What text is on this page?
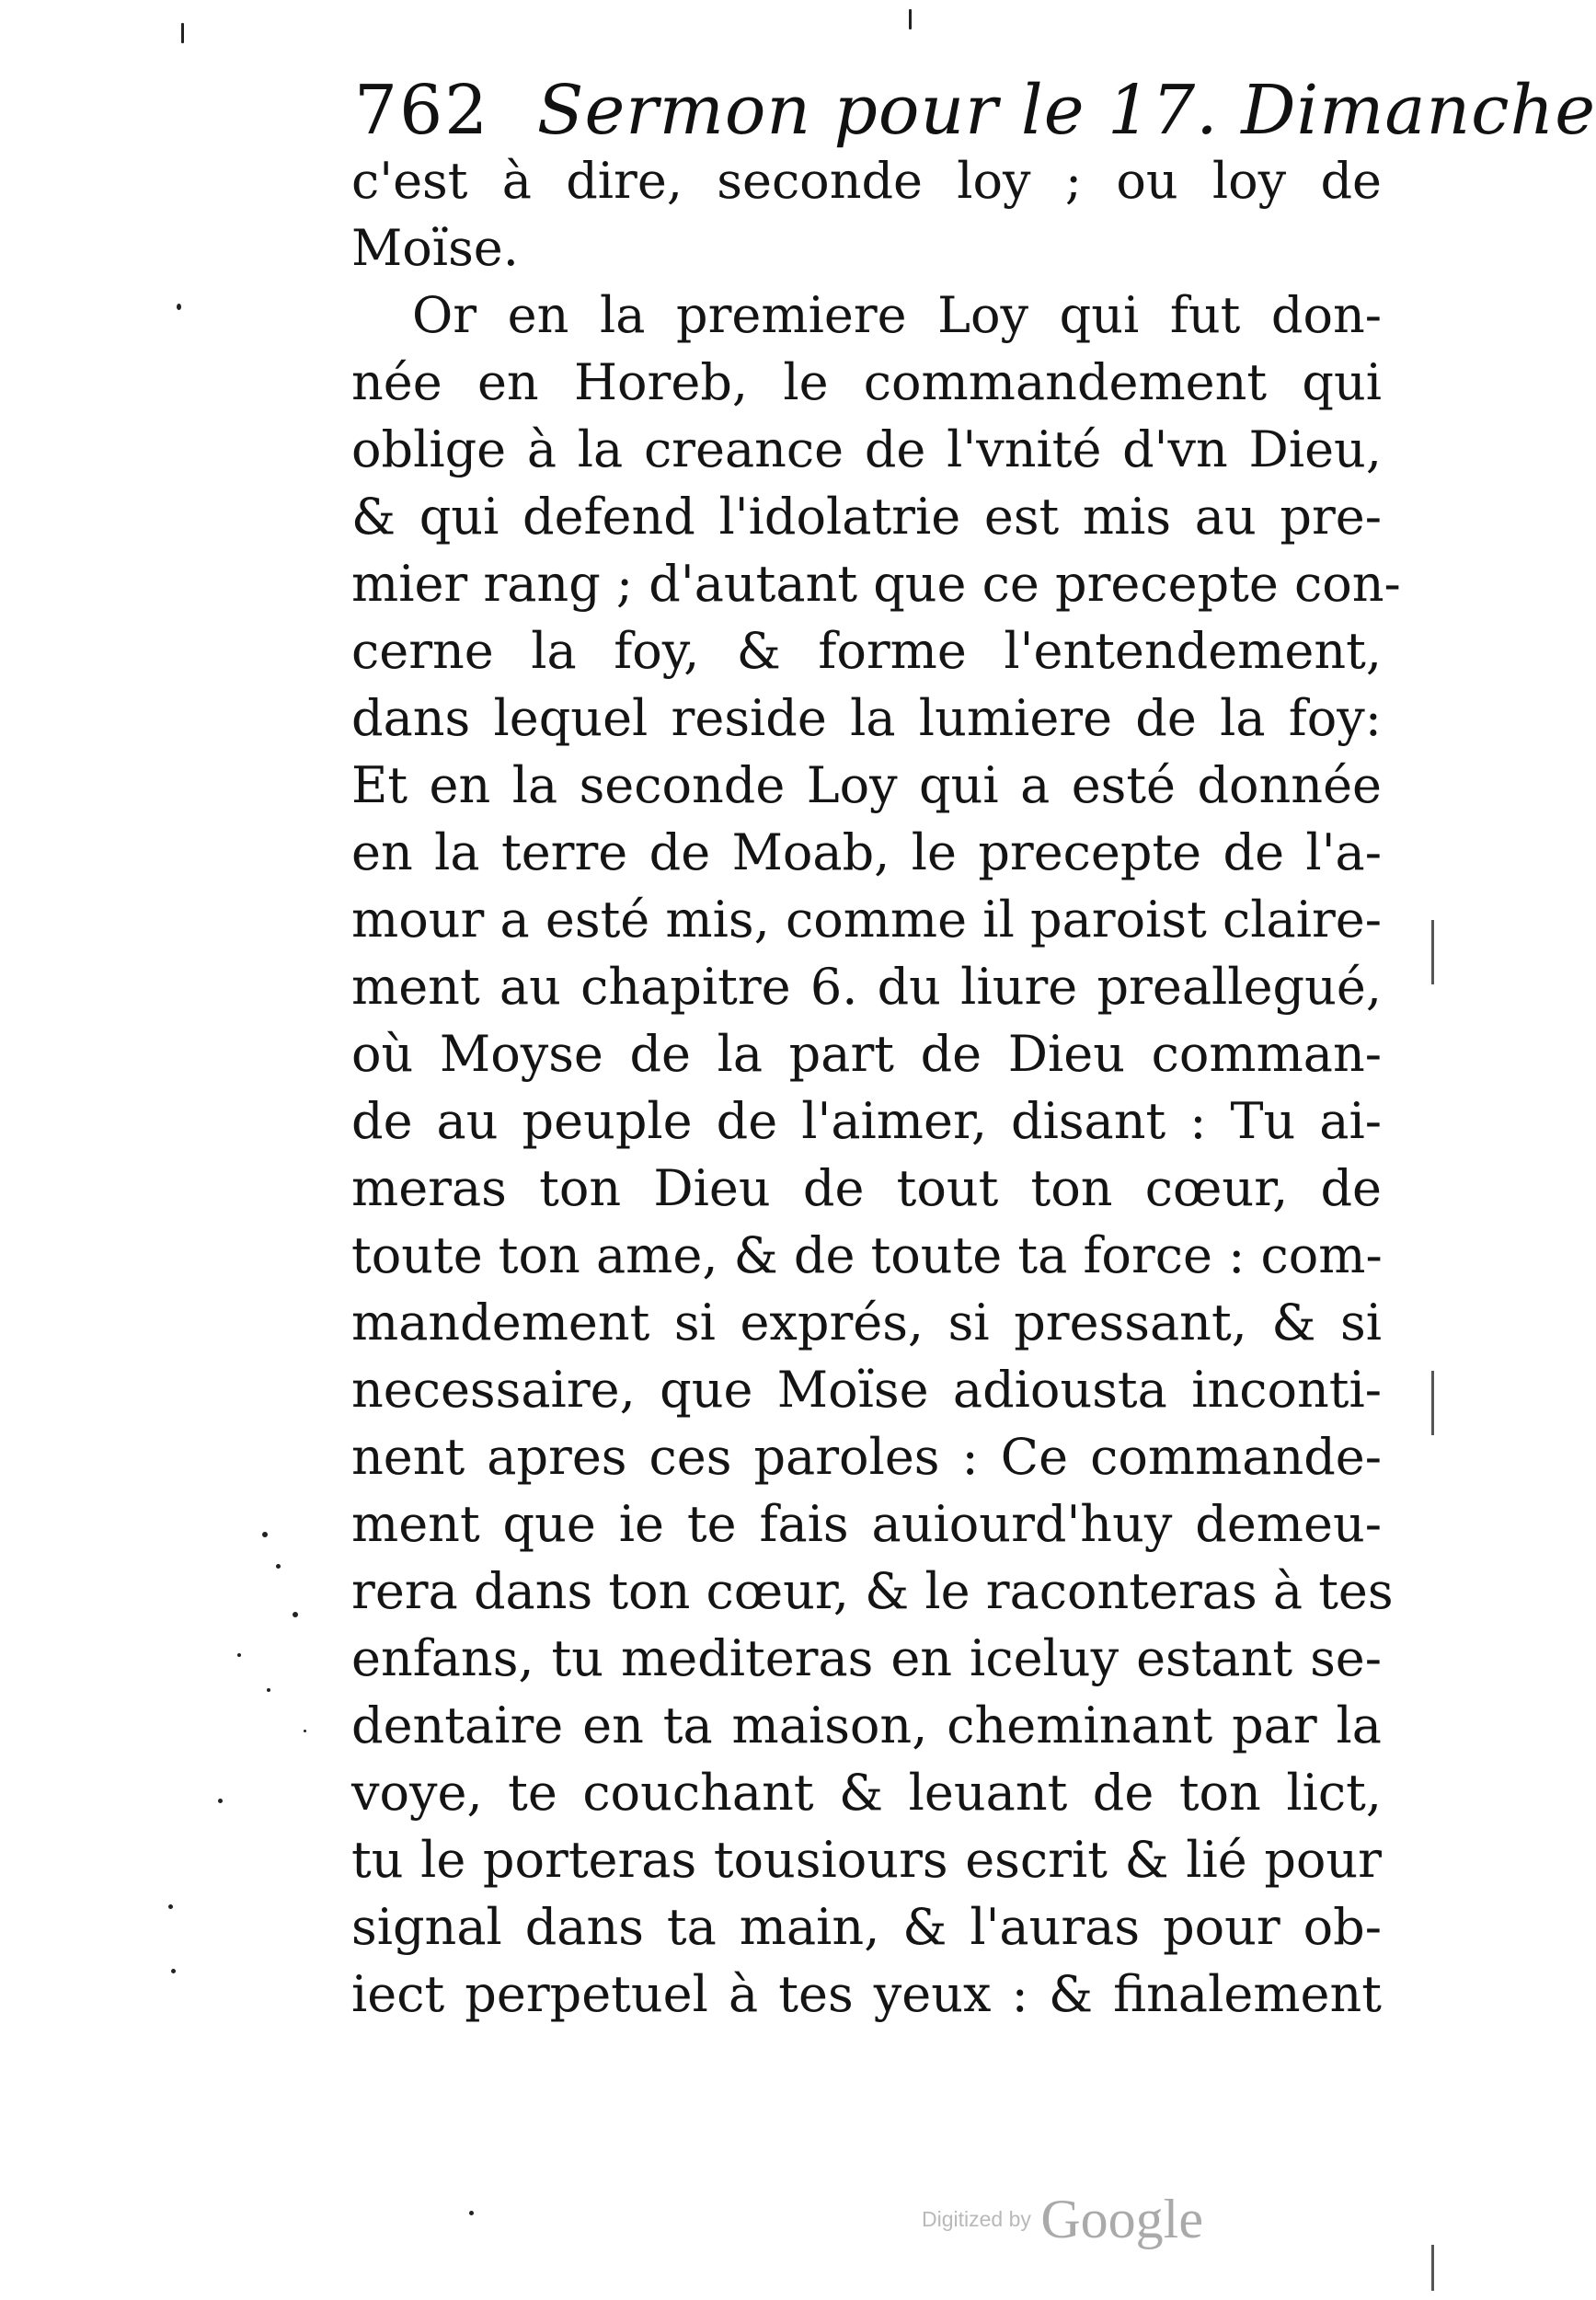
762 Sermon pour le 17. Dimanche
c'est à dire, seconde loy ; ou loy de
Moïse.
Or en la premiere Loy qui fut don-
née en Horeb, le commandement qui
oblige à la creance de l'vnité d'vn Dieu,
& qui defend l'idolatrie est mis au pre-
mier rang ; d'autant que ce precepte con-
cerne la foy, & forme l'entendement,
dans lequel reside la lumiere de la foy:
Et en la seconde Loy qui a esté donnée
en la terre de Moab, le precepte de l'a-
mour a esté mis, comme il paroist claire-
ment au chapitre 6. du liure preallegué,
où Moyse de la part de Dieu comman-
de au peuple de l'aimer, disant : Tu ai-
meras ton Dieu de tout ton cœur, de
toute ton ame, & de toute ta force : com-
mandement si exprés, si pressant, & si
necessaire, que Moïse adiousta inconti-
nent apres ces paroles : Ce commande-
ment que ie te fais auiourd'huy demeu-
rera dans ton cœur, & le raconteras à tes
enfans, tu mediteras en iceluy estant se-
dentaire en ta maison, cheminant par la
voye, te couchant & leuant de ton lict,
tu le porteras tousiours escrit & lié pour
signal dans ta main, & l'auras pour ob-
iect perpetuel à tes yeux : & finalement
Digitized by Google
